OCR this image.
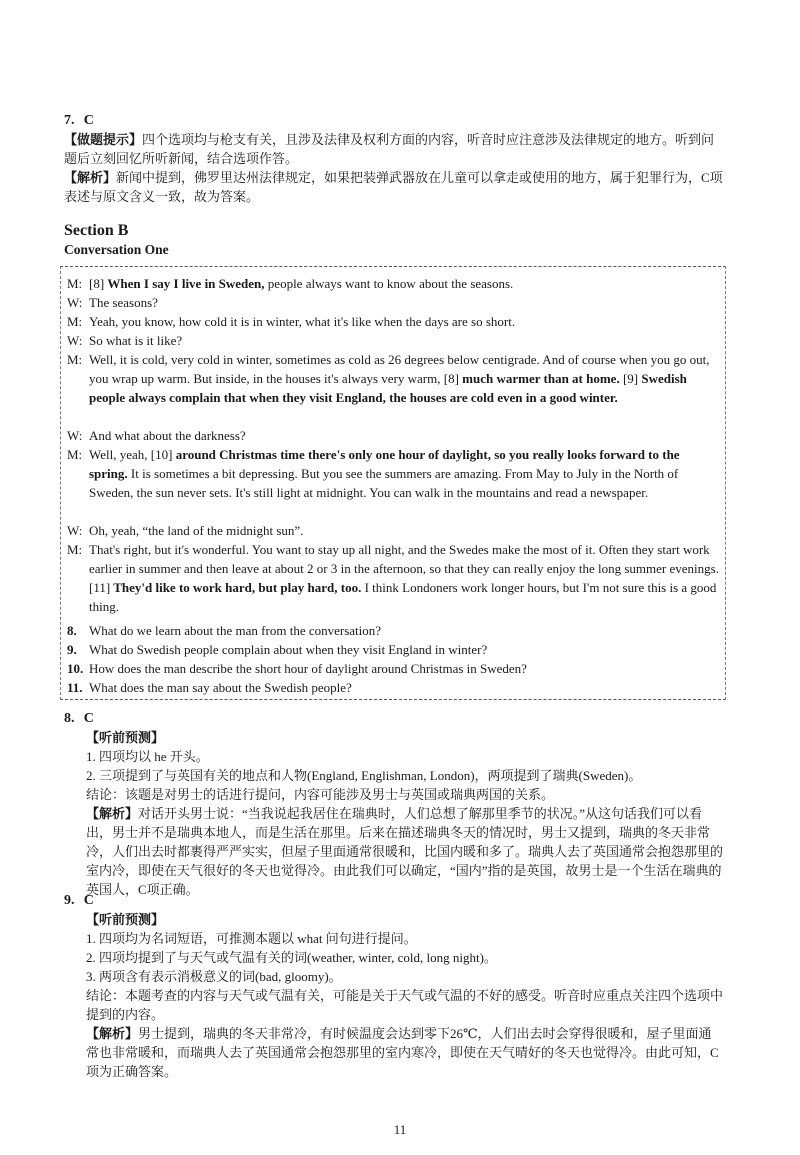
7. C

【做题提示】四个选项均与枪支有关，且涉及法律及权利方面的内容，听音时应注意涉及法律规定的地方。听到问题后立刻回忆所听新闻，结合选项作答。

【解析】新闻中提到，佛罗里达州法律规定，如果把装弹武器放在儿童可以拿走或使用的地方，属于犯罪行为，C项表述与原文含义一致，故为答案。

Section B

Conversation One

M: [8] When I say I live in Sweden, people always want to know about the seasons.
W: The seasons?
M: Yeah, you know, how cold it is in winter, what it's like when the days are so short.
W: So what is it like?
M: Well, it is cold, very cold in winter, sometimes as cold as 26 degrees below centigrade. And of course when you go out, you wrap up warm. But inside, in the houses it's always very warm, [8] much warmer than at home. [9] Swedish people always complain that when they visit England, the houses are cold even in a good winter.
W: And what about the darkness?
M: Well, yeah, [10] around Christmas time there's only one hour of daylight, so you really looks forward to the spring. It is sometimes a bit depressing. But you see the summers are amazing. From May to July in the North of Sweden, the sun never sets. It's still light at midnight. You can walk in the mountains and read a newspaper.
W: Oh, yeah, “the land of the midnight sun”.
M: That's right, but it's wonderful. You want to stay up all night, and the Swedes make the most of it. Often they start work earlier in summer and then leave at about 2 or 3 in the afternoon, so that they can really enjoy the long summer evenings. [11] They'd like to work hard, but play hard, too. I think Londoners work longer hours, but I'm not sure this is a good thing.
8. What do we learn about the man from the conversation?
9. What do Swedish people complain about when they visit England in winter?
10. How does the man describe the short hour of daylight around Christmas in Sweden?
11. What does the man say about the Swedish people?

8. C

【听前预测】

1. 四项均以 he 开头。

2. 三项提到了与英国有关的地点和人物(England, Englishman, London)，两项提到了瑞典(Sweden)。

结论：该题是对男士的话进行提问，内容可能涉及男士与英国或瑞典两国的关系。

【解析】对话开头男士说：“当我说起我居住在瑞典时，人们总想了解那里季节的状况。”从这句话我们可以看出，男士并不是瑞典本地人，而是生活在那里。后来在描述瑞典冬天的情况时，男士又提到，瑞典的冬天非常冷，人们出去时都裹得严严实实，但屋子里面通常很暖和，比国内暖和多了。瑞典人去了英国通常会抱怨那里的室内冷，即使在天气很好的冬天也觉得冷。由此我们可以确定，“国内”指的是英国，故男士是一个生活在瑞典的英国人，C项正确。

9. C

【听前预测】

1. 四项均为名词短语，可推测本题以 what 问句进行提问。

2. 四项均提到了与天气或气温有关的词(weather, winter, cold, long night)。

3. 两项含有表示消极意义的词(bad, gloomy)。

结论：本题考查的内容与天气或气温有关，可能是关于天气或气温的不好的感受。听音时应重点关注四个选项中提到的内容。

【解析】男士提到，瑞典的冬天非常冷，有时候温度会达到零下26℃，人们出去时会穿得很暖和，屋子里面通常也非常暖和，而瑞典人去了英国通常会抱怨那里的室内寒冷，即使在天气晴好的冬天也觉得冷。由此可知，C项为正确答案。

11
